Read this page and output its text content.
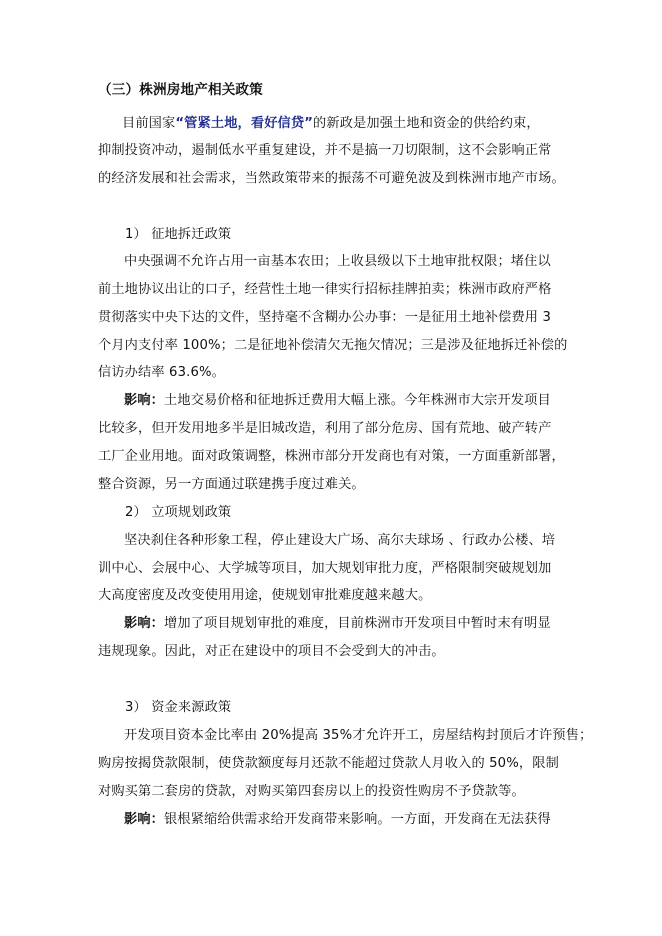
（三）株洲房地产相关政策
目前国家“管紧土地，看好信贷”的新政是加强土地和资金的供给约束，
抑制投资冲动，遏制低水平重复建设，并不是搞一刀切限制，这不会影响正常
的经济发展和社会需求，当然政策带来的振荡不可避免波及到株洲市地产市场。
1） 征地拆迁政策
中央强调不允许占用一亩基本农田；上收县级以下土地审批权限；堵住以
前土地协议出让的口子，经营性土地一律实行招标挂牌拍卖；株洲市政府严格
贯彻落实中央下达的文件，坚持毫不含糊办公办事：一是征用土地补偿费用 3
个月内支付率 100%；二是征地补偿清欠无拖欠情况；三是涉及征地拆迁补偿的
信访办结率 63.6%。
影响：土地交易价格和征地拆迁费用大幅上涨。今年株洲市大宗开发项目
比较多，但开发用地多半是旧城改造，利用了部分危房、国有荒地、破产转产
工厂企业用地。面对政策调整，株洲市部分开发商也有对策，一方面重新部署，
整合资源，另一方面通过联建携手度过难关。
2） 立项规划政策
坚决刹住各种形象工程，停止建设大广场、高尔夫球场 、行政办公楼、培
训中心、会展中心、大学城等项目，加大规划审批力度，严格限制突破规划加
大高度密度及改变使用用途，使规划审批难度越来越大。
影响：增加了项目规划审批的难度，目前株洲市开发项目中暂时末有明显
违规现象。因此，对正在建设中的项目不会受到大的冲击。
3） 资金来源政策
开发项目资本金比率由 20%提高 35%才允许开工，房屋结构封顶后才许预售；
购房按揭贷款限制，使贷款额度每月还款不能超过贷款人月收入的 50%，限制
对购买第二套房的贷款，对购买第四套房以上的投资性购房不予贷款等。
影响：银根紧缩给供需求给开发商带来影响。一方面，开发商在无法获得
